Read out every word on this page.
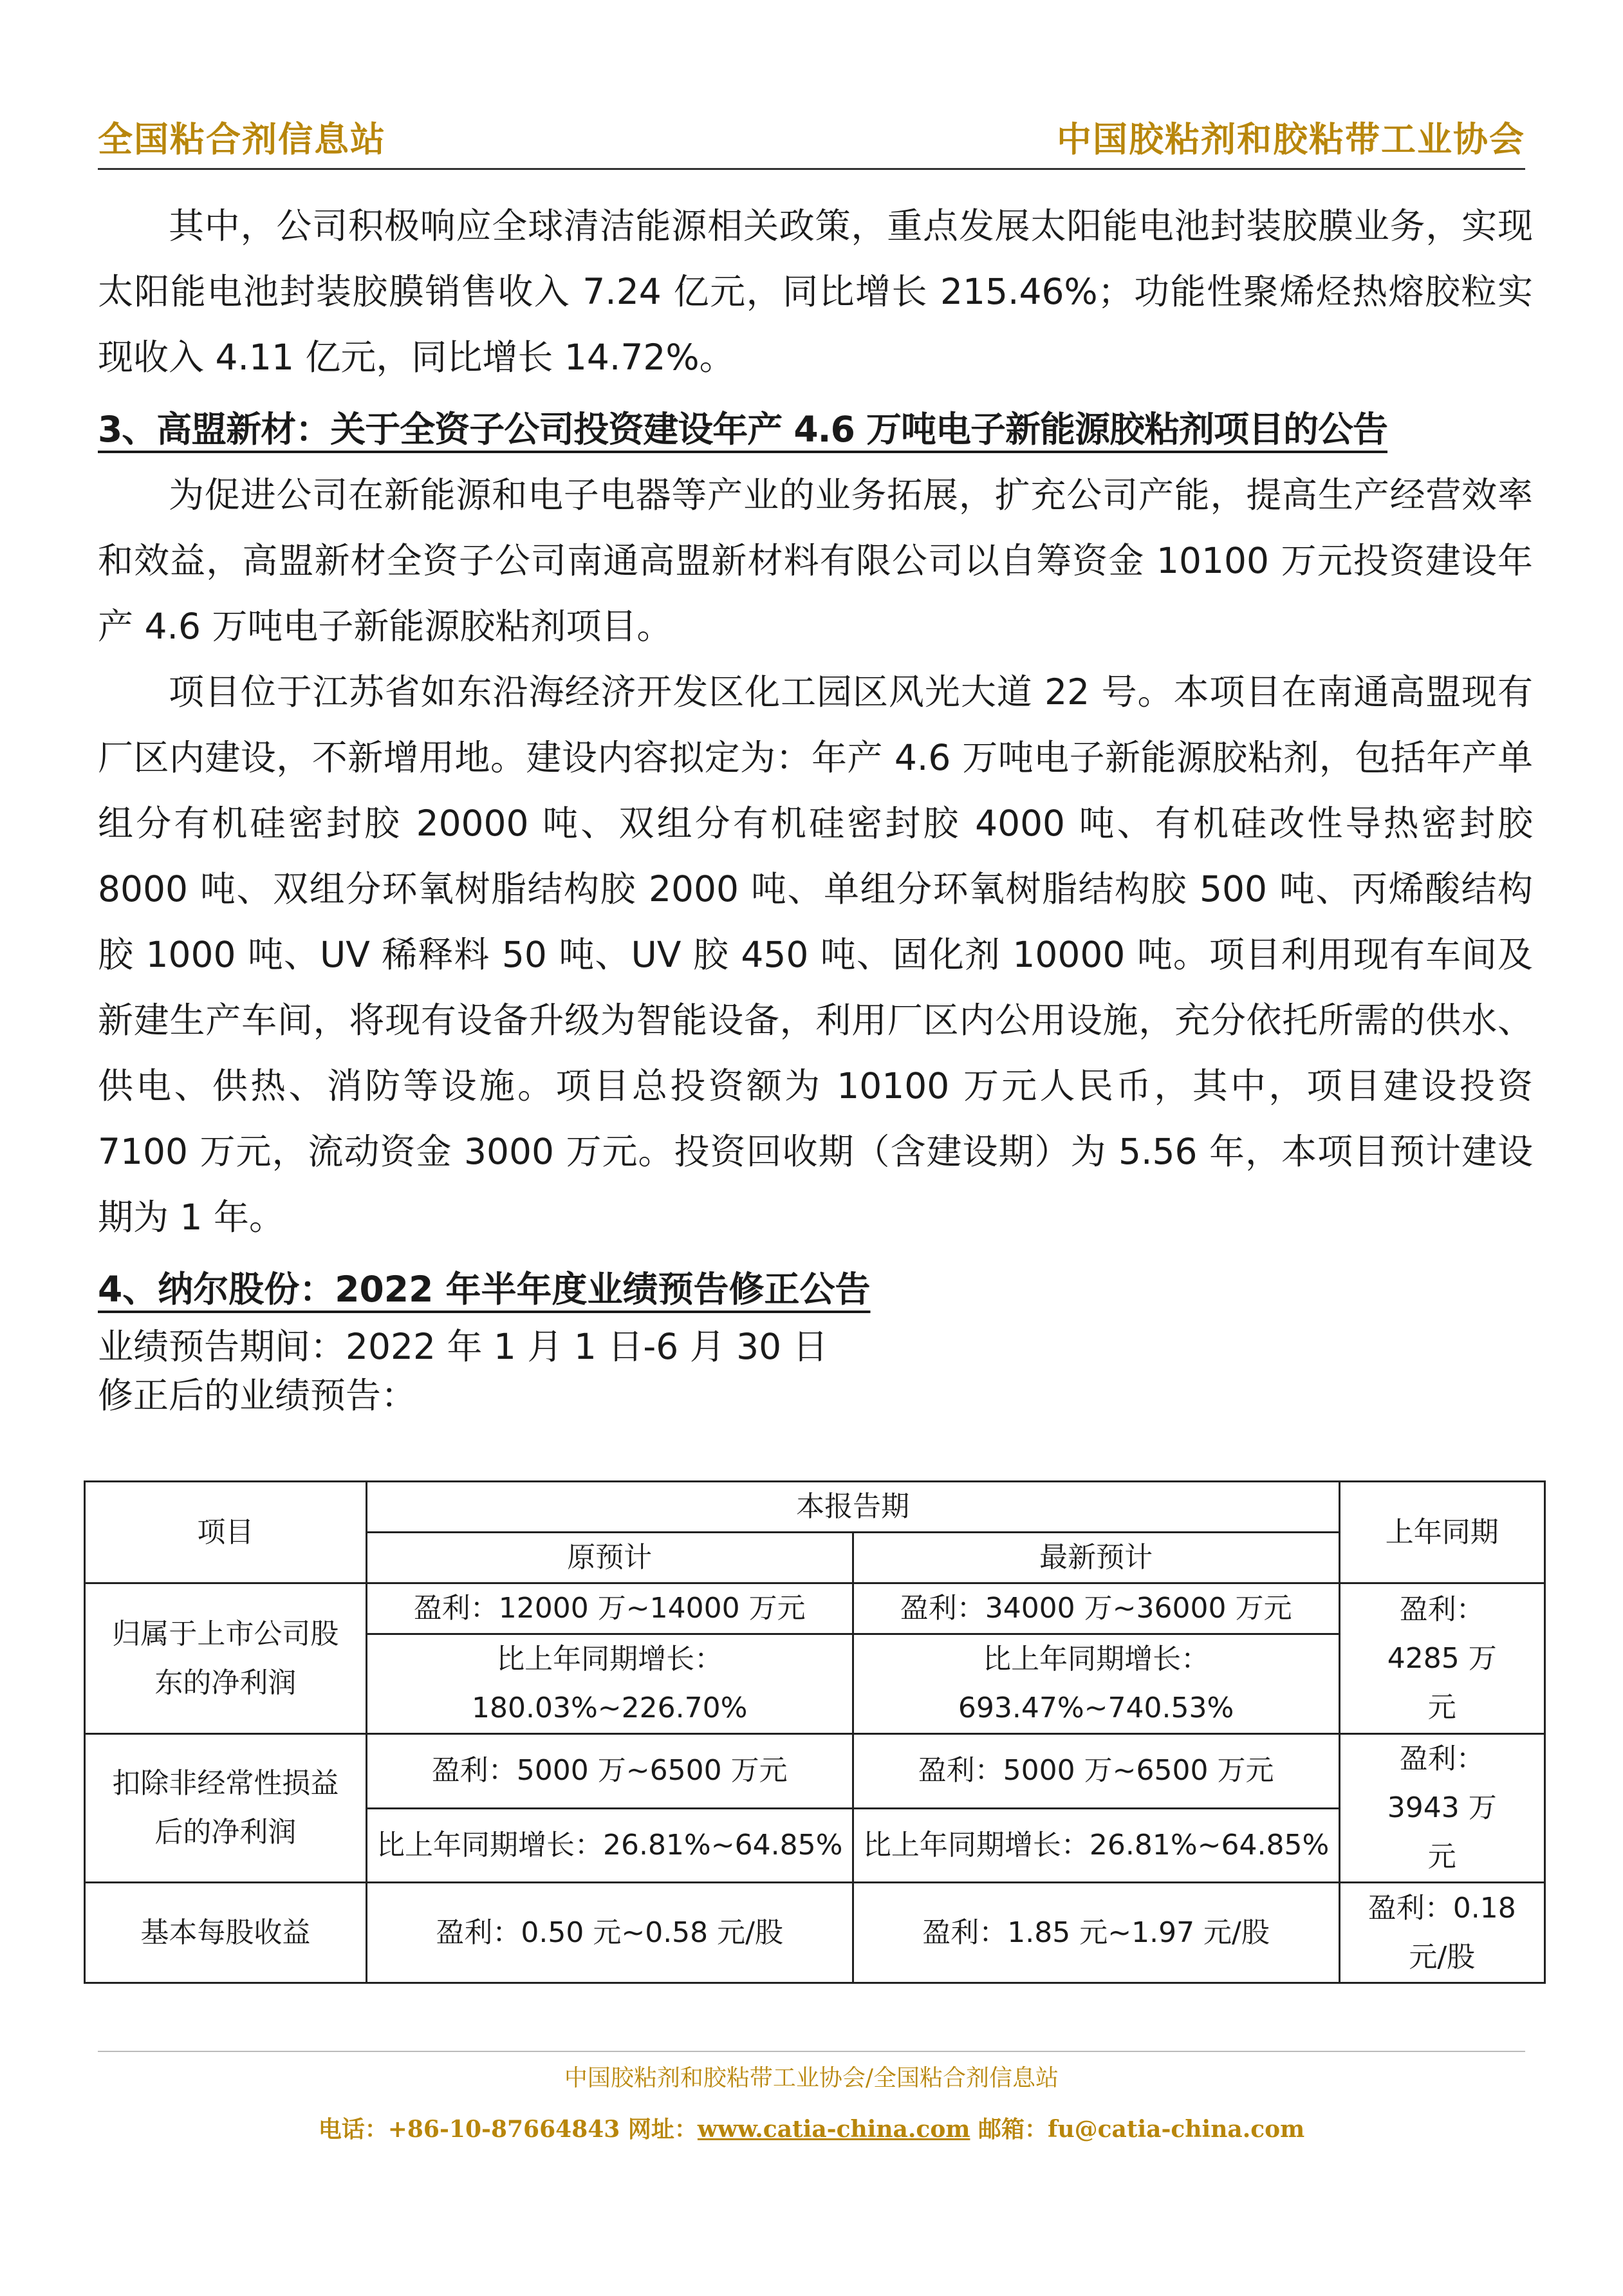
全国粘合剂信息站	中国胶粘剂和胶粘带工业协会

其中，公司积极响应全球清洁能源相关政策，重点发展太阳能电池封装胶膜业务，实现太阳能电池封装胶膜销售收入 7.24 亿元，同比增长 215.46%；功能性聚烯烃热熔胶粒实现收入 4.11 亿元，同比增长 14.72%。

3、高盟新材：关于全资子公司投资建设年产 4.6 万吨电子新能源胶粘剂项目的公告

为促进公司在新能源和电子电器等产业的业务拓展，扩充公司产能，提高生产经营效率和效益，高盟新材全资子公司南通高盟新材料有限公司以自筹资金 10100 万元投资建设年产 4.6 万吨电子新能源胶粘剂项目。

项目位于江苏省如东沿海经济开发区化工园区风光大道 22 号。本项目在南通高盟现有厂区内建设，不新增用地。建设内容拟定为：年产 4.6 万吨电子新能源胶粘剂，包括年产单组分有机硅密封胶 20000 吨、双组分有机硅密封胶 4000 吨、有机硅改性导热密封胶 8000 吨、双组分环氧树脂结构胶 2000 吨、单组分环氧树脂结构胶 500 吨、丙烯酸结构胶 1000 吨、UV 稀释料 50 吨、UV 胶 450 吨、固化剂 10000 吨。项目利用现有车间及新建生产车间，将现有设备升级为智能设备，利用厂区内公用设施，充分依托所需的供水、供电、供热、消防等设施。项目总投资额为 10100 万元人民币，其中，项目建设投资 7100 万元，流动资金 3000 万元。投资回收期（含建设期）为 5.56 年，本项目预计建设期为 1 年。

4、纳尔股份：2022 年半年度业绩预告修正公告

业绩预告期间：2022 年 1 月 1 日-6 月 30 日

修正后的业绩预告：

项目	本报告期		上年同期
	原预计	最新预计	
归属于上市公司股东的净利润	盈利：12000 万~14000 万元	盈利：34000 万~36000 万元	盈利：4285 万元
	比上年同期增长：180.03%~226.70%	比上年同期增长：693.47%~740.53%	
扣除非经常性损益后的净利润	盈利：5000 万~6500 万元	盈利：5000 万~6500 万元	盈利：3943 万元
	比上年同期增长：26.81%~64.85%	比上年同期增长：26.81%~64.85%	
基本每股收益	盈利：0.50 元~0.58 元/股	盈利：1.85 元~1.97 元/股	盈利：0.18 元/股
中国胶粘剂和胶粘带工业协会/全国粘合剂信息站
电话：+86-10-87664843 网址：www.catia-china.com 邮箱：fu@catia-china.com
